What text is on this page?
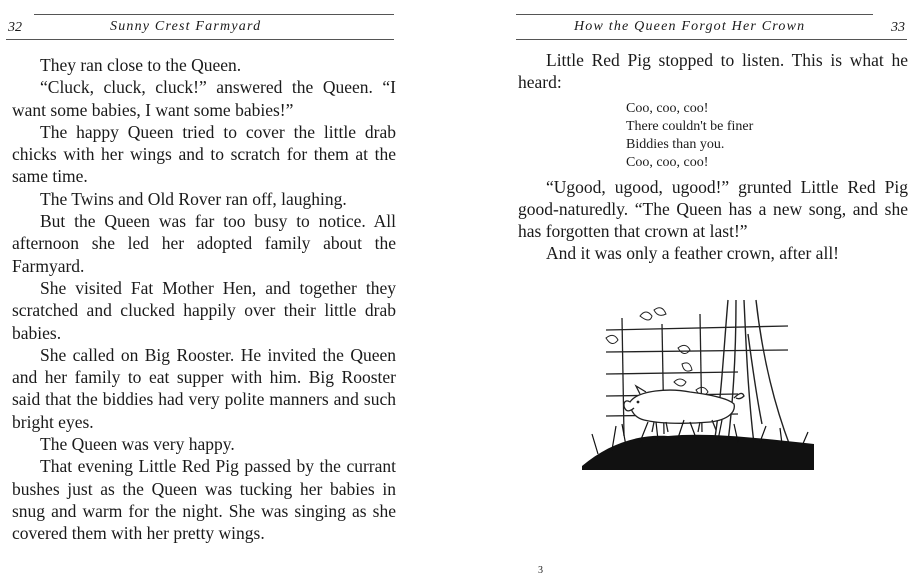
32	Sunny Crest Farmyard

They ran close to the Queen.

“Cluck, cluck, cluck!” answered the Queen. “I want some babies, I want some babies!”

The happy Queen tried to cover the little drab chicks with her wings and to scratch for them at the same time.

The Twins and Old Rover ran off, laughing.

But the Queen was far too busy to notice. All afternoon she led her adopted family about the Farmyard.

She visited Fat Mother Hen, and together they scratched and clucked happily over their little drab babies.

She called on Big Rooster. He invited the Queen and her family to eat supper with him. Big Rooster said that the biddies had very polite manners and such bright eyes.

The Queen was very happy.

That evening Little Red Pig passed by the currant bushes just as the Queen was tucking her babies in snug and warm for the night. She was singing as she covered them with her pretty wings.

How the Queen Forgot Her Crown	33

Little Red Pig stopped to listen. This is what he heard:

Coo, coo, coo!
There couldn't be finer
Biddies than you.
Coo, coo, coo!

“Ugood, ugood, ugood!” grunted Little Red Pig good-naturedly. “The Queen has a new song, and she has forgotten that crown at last!”

And it was only a feather crown, after all!

3
